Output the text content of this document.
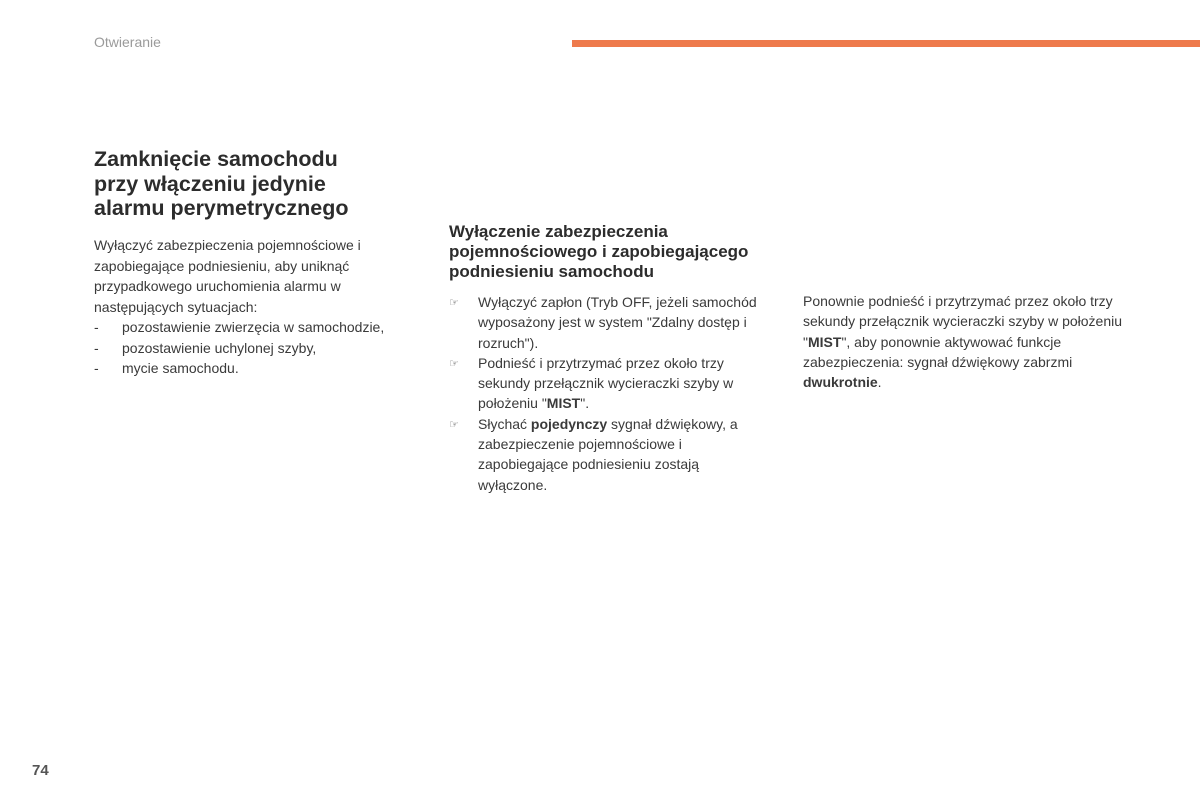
Otwieranie
Zamknięcie samochodu
przy włączeniu jedynie
alarmu perymetrycznego

Wyłączyć zabezpieczenia pojemnościowe i zapobiegające podniesieniu, aby uniknąć przypadkowego uruchomienia alarmu w następujących sytuacjach:

- pozostawienie zwierzęcia w samochodzie,
- pozostawienie uchylonej szyby,
- mycie samochodu.
Wyłączenie zabezpieczenia
pojemnościowego i zapobiegającego
podniesieniu samochodu
☞ Wyłączyć zapłon (Tryb OFF, jeżeli samochód wyposażony jest w system "Zdalny dostęp i rozruch").
☞ Podnieść i przytrzymać przez około trzy sekundy przełącznik wycieraczki szyby w położeniu "MIST".
☞ Słychać pojedynczy sygnał dźwiękowy, a zabezpieczenie pojemnościowe i zapobiegające podniesieniu zostają wyłączone.

Ponownie podnieść i przytrzymać przez około trzy sekundy przełącznik wycieraczki szyby w położeniu "MIST", aby ponownie aktywować funkcje zabezpieczenia: sygnał dźwiękowy zabrzmi dwukrotnie.

74
